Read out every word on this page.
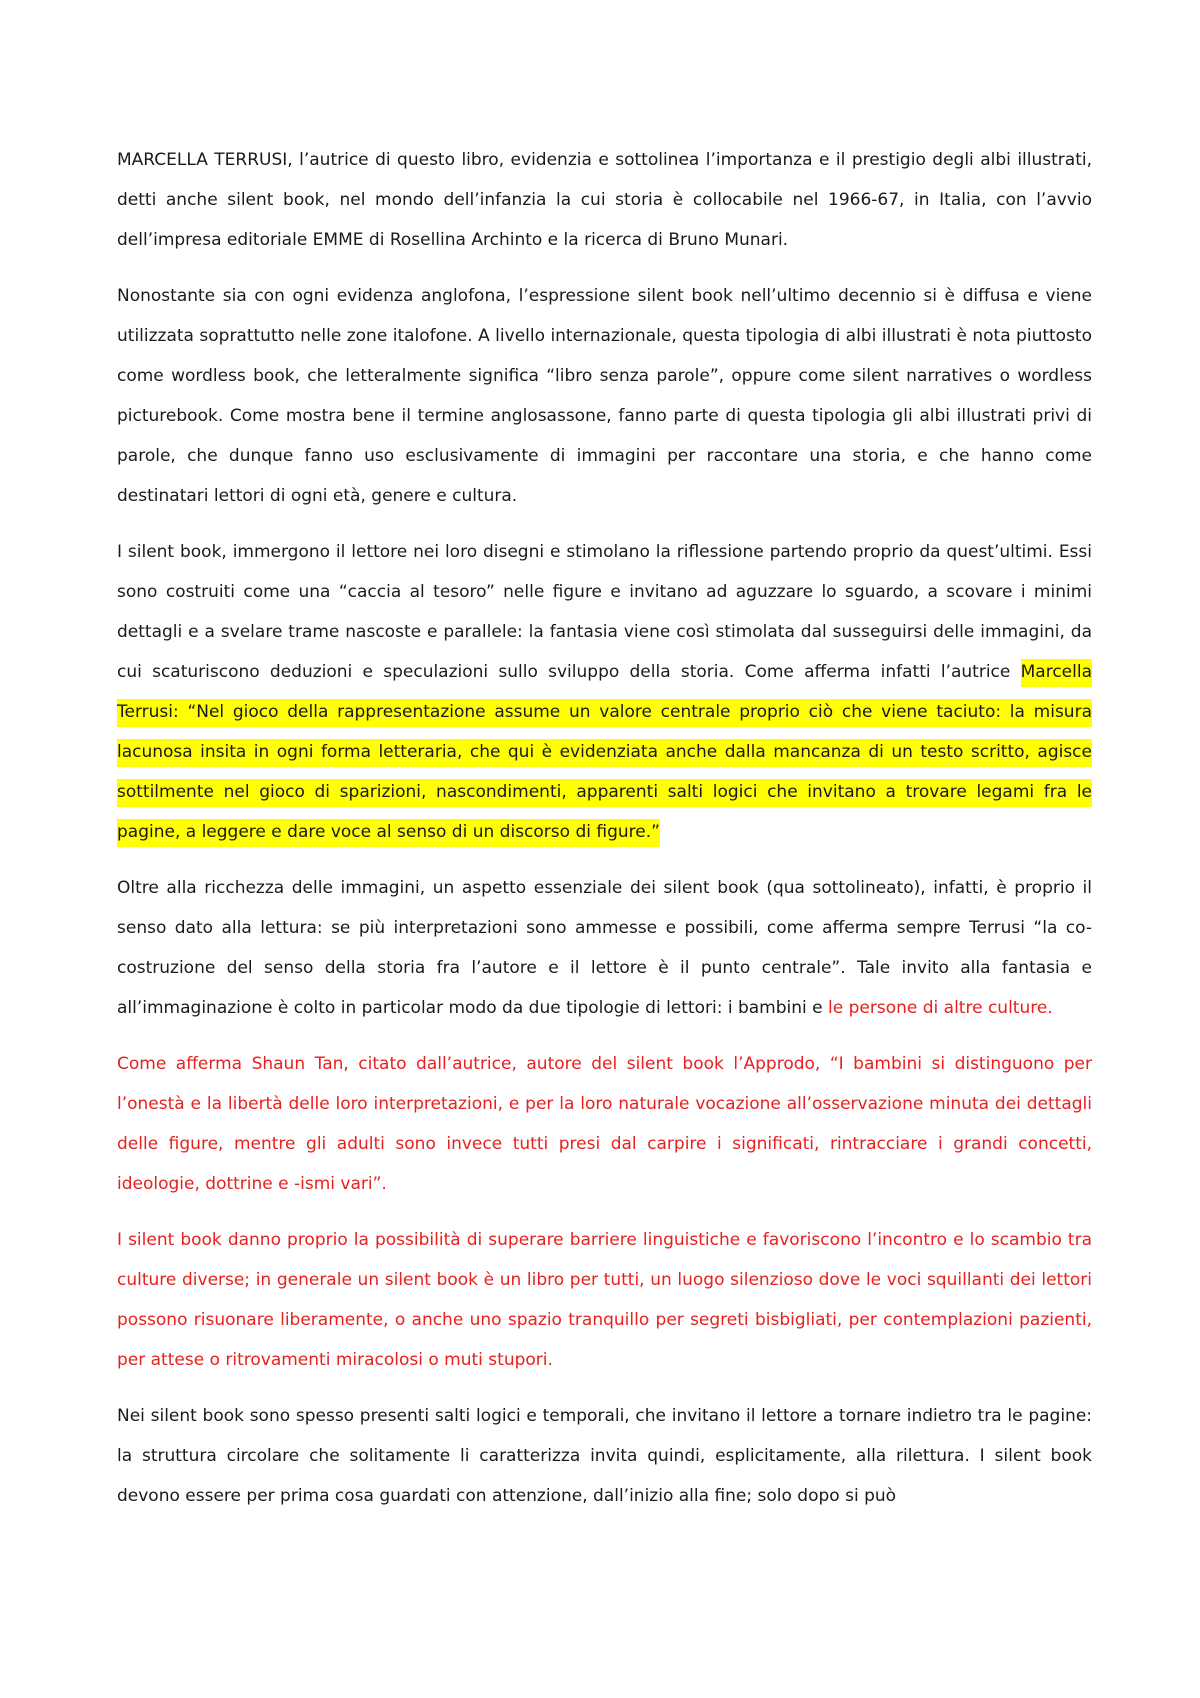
MARCELLA TERRUSI, l’autrice di questo libro, evidenzia e sottolinea l’importanza e il prestigio degli albi illustrati, detti anche silent book, nel mondo dell’infanzia la cui storia è collocabile nel 1966-67, in Italia, con l’avvio dell’impresa editoriale EMME di Rosellina Archinto e la ricerca di Bruno Munari.

Nonostante sia con ogni evidenza anglofona, l’espressione silent book nell’ultimo decennio si è diffusa e viene utilizzata soprattutto nelle zone italofone. A livello internazionale, questa tipologia di albi illustrati è nota piuttosto come wordless book, che letteralmente significa “libro senza parole”, oppure come silent narratives o wordless picturebook. Come mostra bene il termine anglosassone, fanno parte di questa tipologia gli albi illustrati privi di parole, che dunque fanno uso esclusivamente di immagini per raccontare una storia, e che hanno come destinatari lettori di ogni età, genere e cultura.

I silent book, immergono il lettore nei loro disegni e stimolano la riflessione partendo proprio da quest’ultimi. Essi sono costruiti come una “caccia al tesoro” nelle figure e invitano ad aguzzare lo sguardo, a scovare i minimi dettagli e a svelare trame nascoste e parallele: la fantasia viene così stimolata dal susseguirsi delle immagini, da cui scaturiscono deduzioni e speculazioni sullo sviluppo della storia. Come afferma infatti l’autrice Marcella Terrusi: “Nel gioco della rappresentazione assume un valore centrale proprio ciò che viene taciuto: la misura lacunosa insita in ogni forma letteraria, che qui è evidenziata anche dalla mancanza di un testo scritto, agisce sottilmente nel gioco di sparizioni, nascondimenti, apparenti salti logici che invitano a trovare legami fra le pagine, a leggere e dare voce al senso di un discorso di figure.”

Oltre alla ricchezza delle immagini, un aspetto essenziale dei silent book (qua sottolineato), infatti, è proprio il senso dato alla lettura: se più interpretazioni sono ammesse e possibili, come afferma sempre Terrusi “la co-costruzione del senso della storia fra l’autore e il lettore è il punto centrale”. Tale invito alla fantasia e all’immaginazione è colto in particolar modo da due tipologie di lettori: i bambini e le persone di altre culture.

Come afferma Shaun Tan, citato dall’autrice, autore del silent book l’Approdo, “I bambini si distinguono per l’onestà e la libertà delle loro interpretazioni, e per la loro naturale vocazione all’osservazione minuta dei dettagli delle figure, mentre gli adulti sono invece tutti presi dal carpire i significati, rintracciare i grandi concetti, ideologie, dottrine e -ismi vari”.

I silent book danno proprio la possibilità di superare barriere linguistiche e favoriscono l’incontro e lo scambio tra culture diverse; in generale un silent book è un libro per tutti, un luogo silenzioso dove le voci squillanti dei lettori possono risuonare liberamente, o anche uno spazio tranquillo per segreti bisbigliati, per contemplazioni pazienti, per attese o ritrovamenti miracolosi o muti stupori.

Nei silent book sono spesso presenti salti logici e temporali, che invitano il lettore a tornare indietro tra le pagine: la struttura circolare che solitamente li caratterizza invita quindi, esplicitamente, alla rilettura. I silent book devono essere per prima cosa guardati con attenzione, dall’inizio alla fine; solo dopo si può
